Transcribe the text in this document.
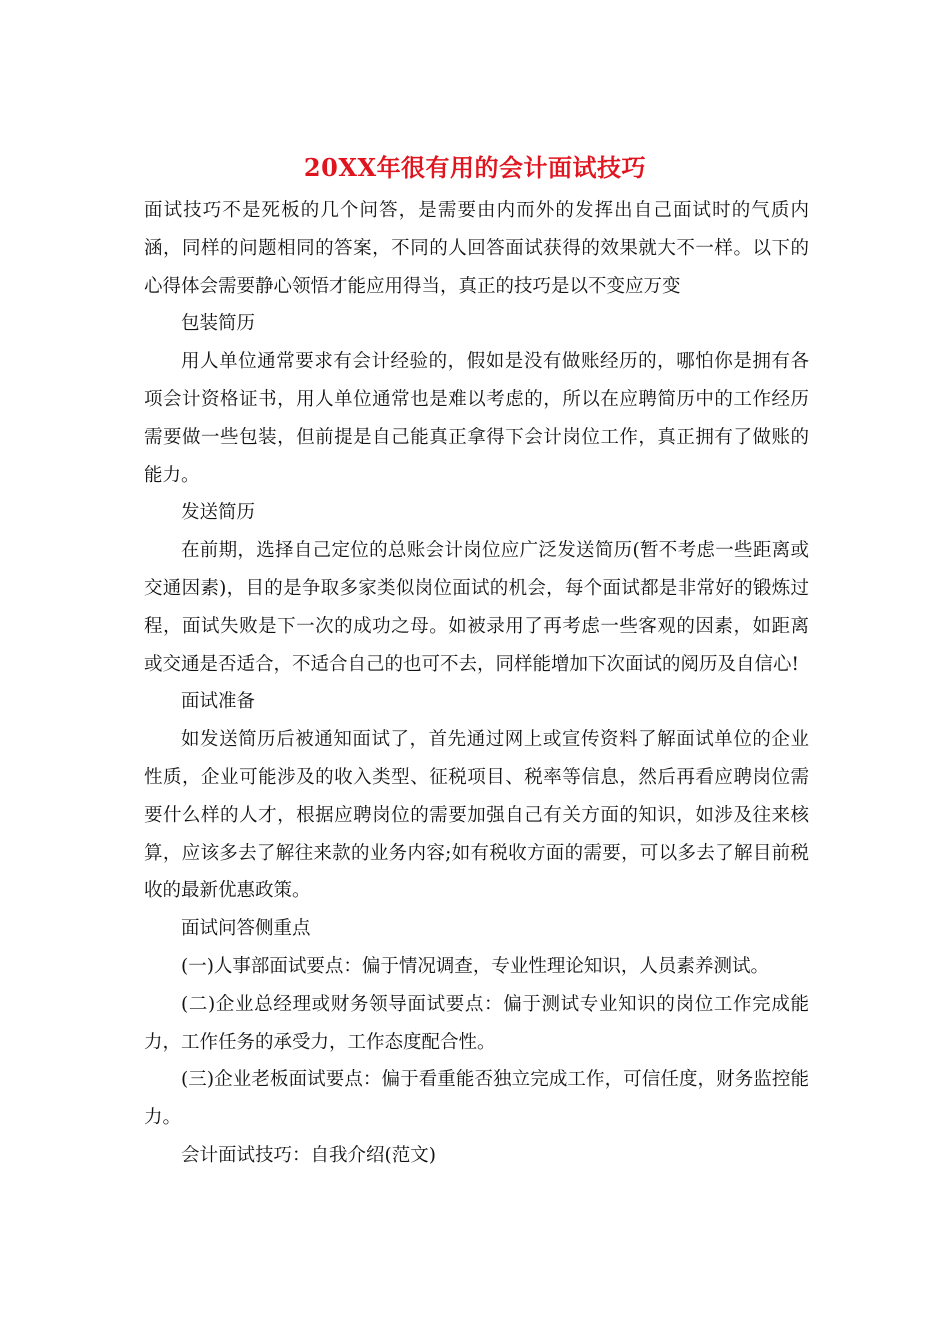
20XX年很有用的会计面试技巧

面试技巧不是死板的几个问答，是需要由内而外的发挥出自己面试时的气质内涵，同样的问题相同的答案，不同的人回答面试获得的效果就大不一样。以下的心得体会需要静心领悟才能应用得当，真正的技巧是以不变应万变

包装简历

用人单位通常要求有会计经验的，假如是没有做账经历的，哪怕你是拥有各项会计资格证书，用人单位通常也是难以考虑的，所以在应聘简历中的工作经历需要做一些包装，但前提是自己能真正拿得下会计岗位工作，真正拥有了做账的能力。

发送简历

在前期，选择自己定位的总账会计岗位应广泛发送简历(暂不考虑一些距离或交通因素)，目的是争取多家类似岗位面试的机会，每个面试都是非常好的锻炼过程，面试失败是下一次的成功之母。如被录用了再考虑一些客观的因素，如距离或交通是否适合，不适合自己的也可不去，同样能增加下次面试的阅历及自信心!

面试准备

如发送简历后被通知面试了，首先通过网上或宣传资料了解面试单位的企业性质，企业可能涉及的收入类型、征税项目、税率等信息，然后再看应聘岗位需要什么样的人才，根据应聘岗位的需要加强自己有关方面的知识，如涉及往来核算，应该多去了解往来款的业务内容;如有税收方面的需要，可以多去了解目前税收的最新优惠政策。

面试问答侧重点

(一)人事部面试要点：偏于情况调查，专业性理论知识，人员素养测试。

(二)企业总经理或财务领导面试要点：偏于测试专业知识的岗位工作完成能力，工作任务的承受力，工作态度配合性。

(三)企业老板面试要点：偏于看重能否独立完成工作，可信任度，财务监控能力。

会计面试技巧：自我介绍(范文)
